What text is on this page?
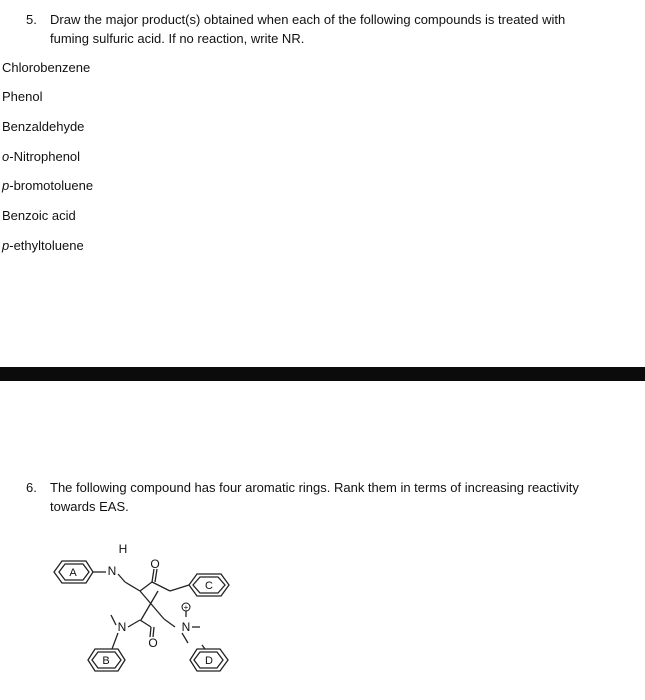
5. Draw the major product(s) obtained when each of the following compounds is treated with
fuming sulfuric acid. If no reaction, write NR.
Chlorobenzene
Phenol
Benzaldehyde
o-Nitrophenol
p-bromotoluene
Benzoic acid
p-ethyltoluene
6. The following compound has four aromatic rings. Rank them in terms of increasing reactivity
towards EAS.
A
B
C
D
H
N	O
N
O
N
+
